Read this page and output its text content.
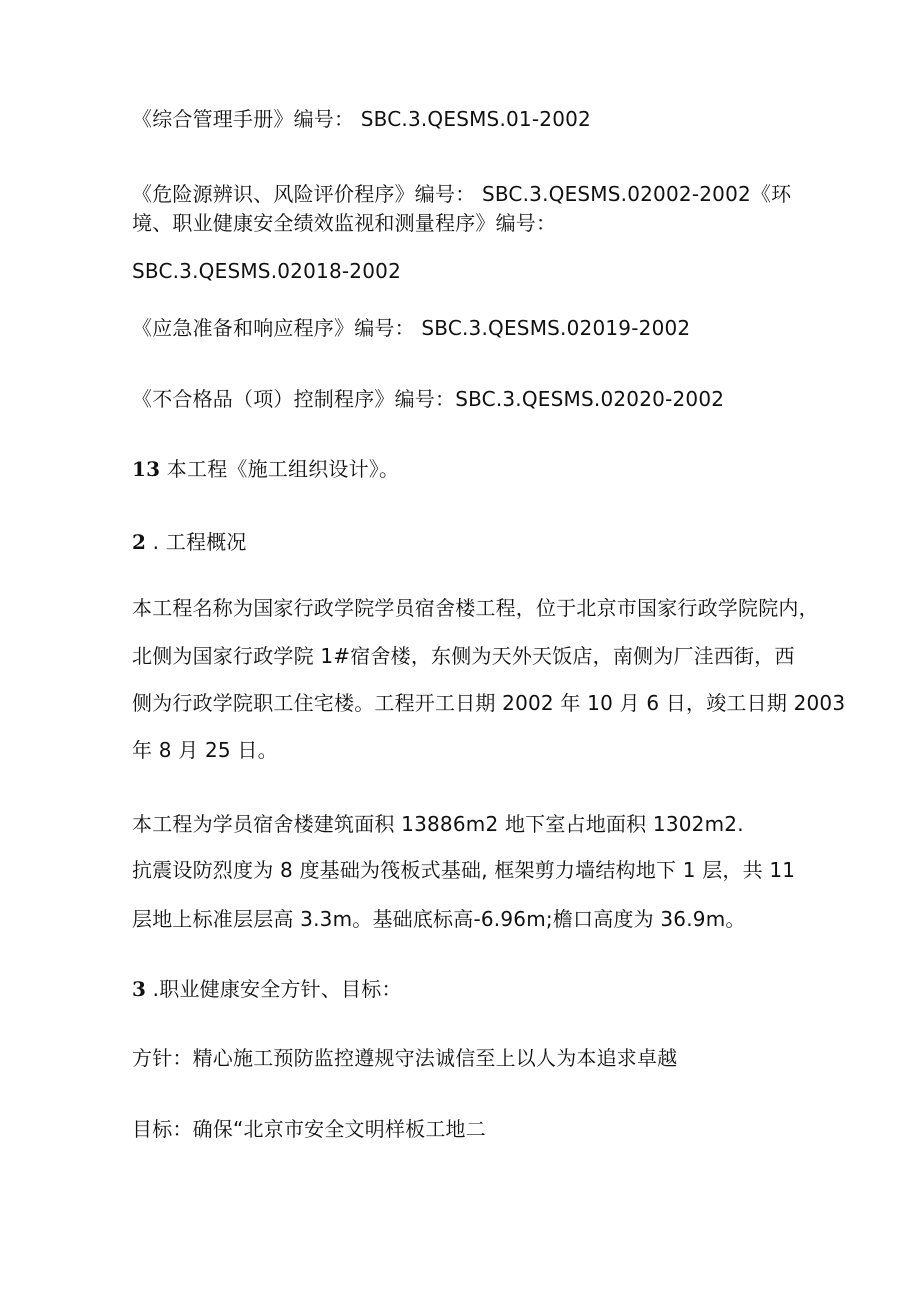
《综合管理手册》编号： SBC.3.QESMS.01-2002
《危险源辨识、风险评价程序》编号： SBC.3.QESMS.02002-2002《环
境、职业健康安全绩效监视和测量程序》编号：
SBC.3.QESMS.02018-2002
《应急准备和响应程序》编号： SBC.3.QESMS.02019-2002
《不合格品（项）控制程序》编号：SBC.3.QESMS.02020-2002
13 本工程《施工组织设计》。
2 . 工程概况
本工程名称为国家行政学院学员宿舍楼工程，位于北京市国家行政学院院内，
北侧为国家行政学院 1#宿舍楼，东侧为天外天饭店，南侧为厂洼西街，西
侧为行政学院职工住宅楼。工程开工日期 2002 年 10 月 6 日，竣工日期 2003
年 8 月 25 日。
本工程为学员宿舍楼建筑面积 13886m2 地下室占地面积 1302m2.
抗震设防烈度为 8 度基础为筏板式基础, 框架剪力墙结构地下 1 层，共 11
层地上标准层层高 3.3m。基础底标高-6.96m;檐口高度为 36.9m。
3 .职业健康安全方针、目标：
方针：精心施工预防监控遵规守法诚信至上以人为本追求卓越
目标：确保“北京市安全文明样板工地二
